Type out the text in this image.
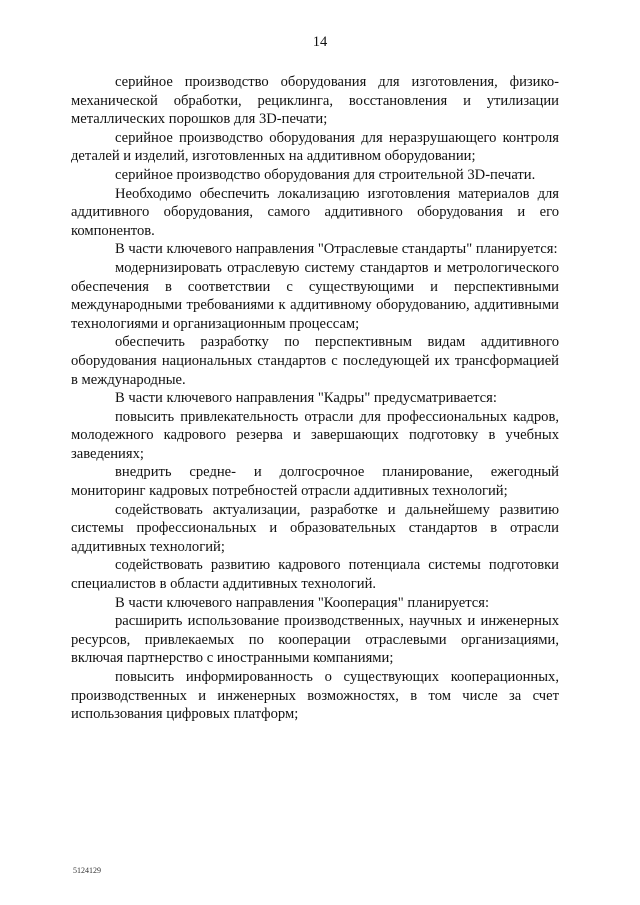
14

серийное производство оборудования для изготовления, физико-механической обработки, рециклинга, восстановления и утилизации металлических порошков для 3D-печати;

серийное производство оборудования для неразрушающего контроля деталей и изделий, изготовленных на аддитивном оборудовании;

серийное производство оборудования для строительной 3D-печати.

Необходимо обеспечить локализацию изготовления материалов для аддитивного оборудования, самого аддитивного оборудования и его компонентов.

В части ключевого направления "Отраслевые стандарты" планируется:

модернизировать отраслевую систему стандартов и метрологического обеспечения в соответствии с существующими и перспективными международными требованиями к аддитивному оборудованию, аддитивными технологиями и организационным процессам;

обеспечить разработку по перспективным видам аддитивного оборудования национальных стандартов с последующей их трансформацией в международные.

В части ключевого направления "Кадры" предусматривается:

повысить привлекательность отрасли для профессиональных кадров, молодежного кадрового резерва и завершающих подготовку в учебных заведениях;

внедрить средне- и долгосрочное планирование, ежегодный мониторинг кадровых потребностей отрасли аддитивных технологий;

содействовать актуализации, разработке и дальнейшему развитию системы профессиональных и образовательных стандартов в отрасли аддитивных технологий;

содействовать развитию кадрового потенциала системы подготовки специалистов в области аддитивных технологий.

В части ключевого направления "Кооперация" планируется:

расширить использование производственных, научных и инженерных ресурсов, привлекаемых по кооперации отраслевыми организациями, включая партнерство с иностранными компаниями;

повысить информированность о существующих кооперационных, производственных и инженерных возможностях, в том числе за счет использования цифровых платформ;

5124129
